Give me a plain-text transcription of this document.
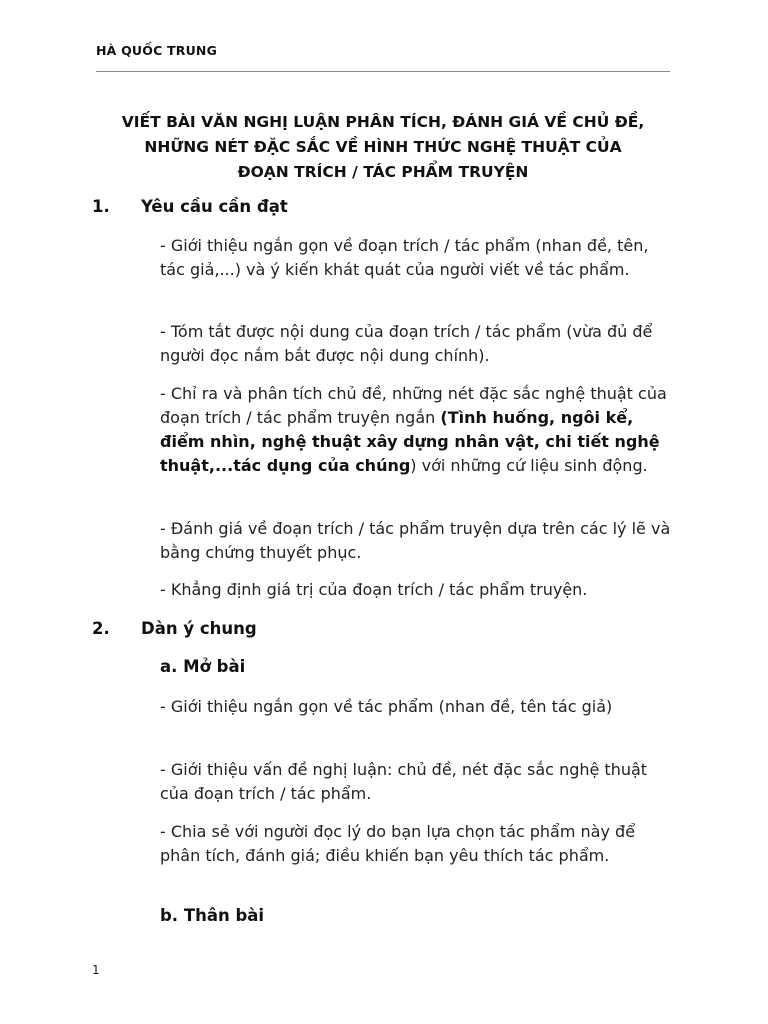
HÀ QUỐC TRUNG
VIẾT BÀI VĂN NGHỊ LUẬN PHÂN TÍCH, ĐÁNH GIÁ VỀ CHỦ ĐỀ,
NHỮNG NÉT ĐẶC SẮC VỀ HÌNH THỨC NGHỆ THUẬT CỦA
ĐOẠN TRÍCH / TÁC PHẨM TRUYỆN
1. Yêu cầu cần đạt
- Giới thiệu ngắn gọn về đoạn trích / tác phẩm (nhan đề, tên, tác giả,...) và ý kiến khát quát của người viết về tác phẩm.
- Tóm tắt được nội dung của đoạn trích / tác phẩm (vừa đủ để người đọc nắm bắt được nội dung chính).
- Chỉ ra và phân tích chủ đề, những nét đặc sắc nghệ thuật của đoạn trích / tác phẩm truyện ngắn (Tình huống, ngôi kể, điểm nhìn, nghệ thuật xây dựng nhân vật, chi tiết nghệ thuật,...tác dụng của chúng) với những cứ liệu sinh động.
- Đánh giá về đoạn trích / tác phẩm truyện dựa trên các lý lẽ và bằng chứng thuyết phục.
- Khẳng định giá trị của đoạn trích / tác phẩm truyện.
2. Dàn ý chung
a. Mở bài
- Giới thiệu ngắn gọn về tác phẩm (nhan đề, tên tác giả)
- Giới thiệu vấn đề nghị luận: chủ đề, nét đặc sắc nghệ thuật của đoạn trích / tác phẩm.
- Chia sẻ với người đọc lý do bạn lựa chọn tác phẩm này để phân tích, đánh giá; điều khiến bạn yêu thích tác phẩm.
b. Thân bài
1
